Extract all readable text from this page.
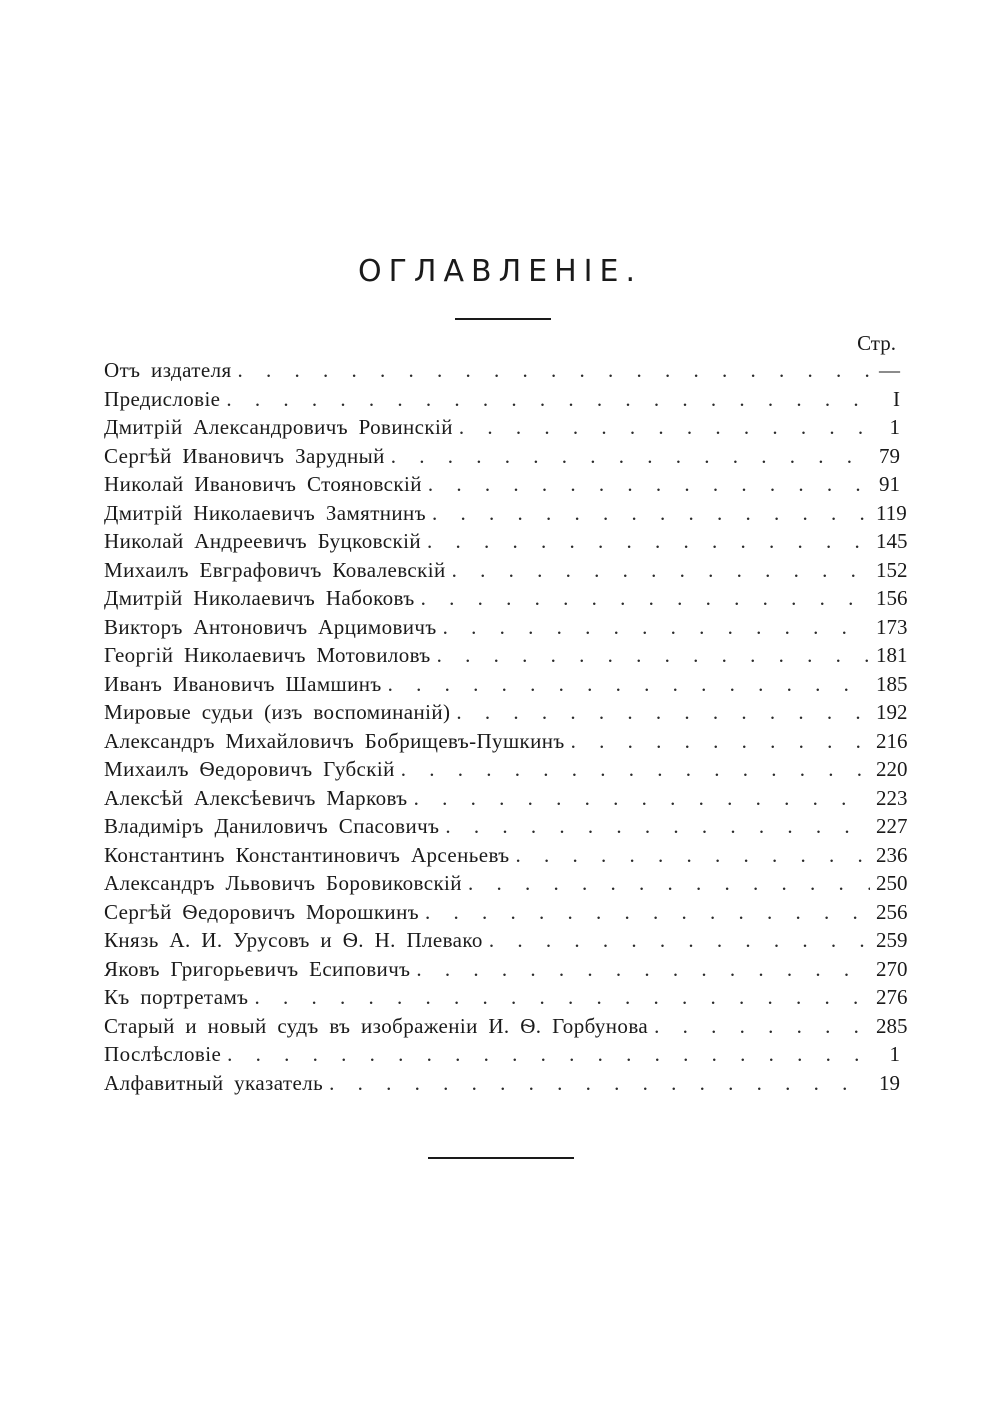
ОГЛАВЛЕНІЕ.
Стр.
Отъ издателя . . .	—
Предисловіе . . .	I
Дмитрій Александровичъ Ровинскій . . .	1
Сергѣй Ивановичъ Зарудный . . .	79
Николай Ивановичъ Стояновскій . . .	91
Дмитрій Николаевичъ Замятнинъ . . .	119
Николай Андреевичъ Буцковскій . . .	145
Михаилъ Евграфовичъ Ковалевскій . . .	152
Дмитрій Николаевичъ Набоковъ . . .	156
Викторъ Антоновичъ Арцимовичъ . . .	173
Георгій Николаевичъ Мотовиловъ . . .	181
Иванъ Ивановичъ Шамшинъ . . .	185
Мировые судьи (изъ воспоминаній) . . .	192
Александръ Михайловичъ Бобрищевъ-Пушкинъ . . .	216
Михаилъ Ѳедоровичъ Губскій . . .	220
Алексѣй Алексѣевичъ Марковъ . . .	223
Владиміръ Даниловичъ Спасовичъ . . .	227
Константинъ Константиновичъ Арсеньевъ . . .	236
Александръ Львовичъ Боровиковскій . . .	250
Сергѣй Ѳедоровичъ Морошкинъ . . .	256
Князь А. И. Урусовъ и Ѳ. Н. Плевако . . .	259
Яковъ Григорьевичъ Есиповичъ . . .	270
Къ портретамъ . . .	276
Старый и новый судъ въ изображеніи И. Ѳ. Горбунова . . .	285
Послѣсловіе . . .	1
Алфавитный указатель . . .	19
